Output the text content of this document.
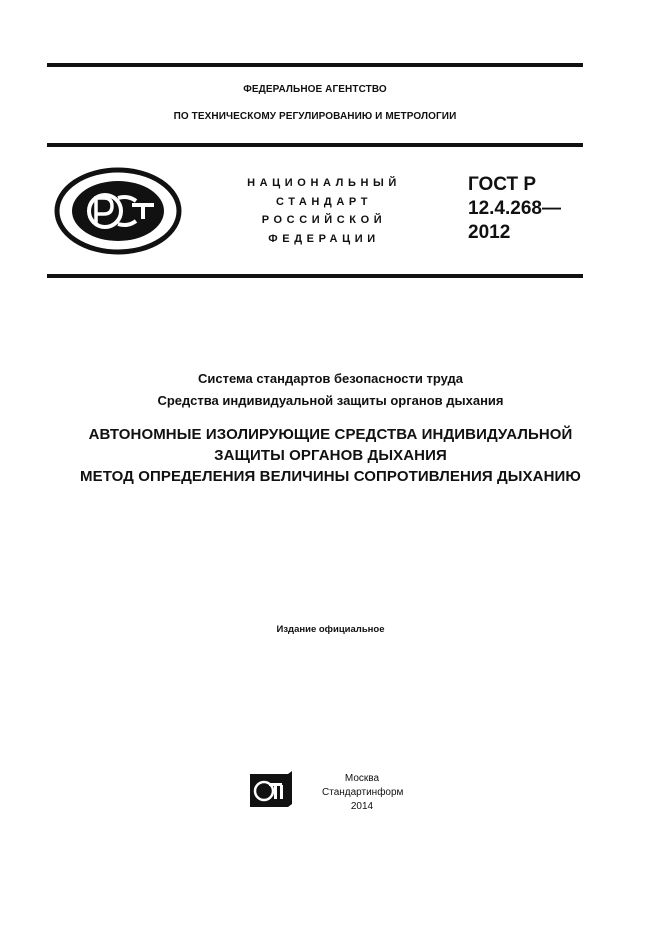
ФЕДЕРАЛЬНОЕ АГЕНТСТВО
ПО ТЕХНИЧЕСКОМУ РЕГУЛИРОВАНИЮ И МЕТРОЛОГИИ
НАЦИОНАЛЬНЫЙ
СТАНДАРТ
РОССИЙСКОЙ
ФЕДЕРАЦИИ
ГОСТ Р
12.4.268—
2012
Система стандартов безопасности труда
Средства индивидуальной защиты органов дыхания
АВТОНОМНЫЕ ИЗОЛИРУЮЩИЕ СРЕДСТВА ИНДИВИДУАЛЬНОЙ
ЗАЩИТЫ ОРГАНОВ ДЫХАНИЯ
МЕТОД ОПРЕДЕЛЕНИЯ ВЕЛИЧИНЫ СОПРОТИВЛЕНИЯ ДЫХАНИЮ
Издание официальное
Москва
Стандартинформ
2014
